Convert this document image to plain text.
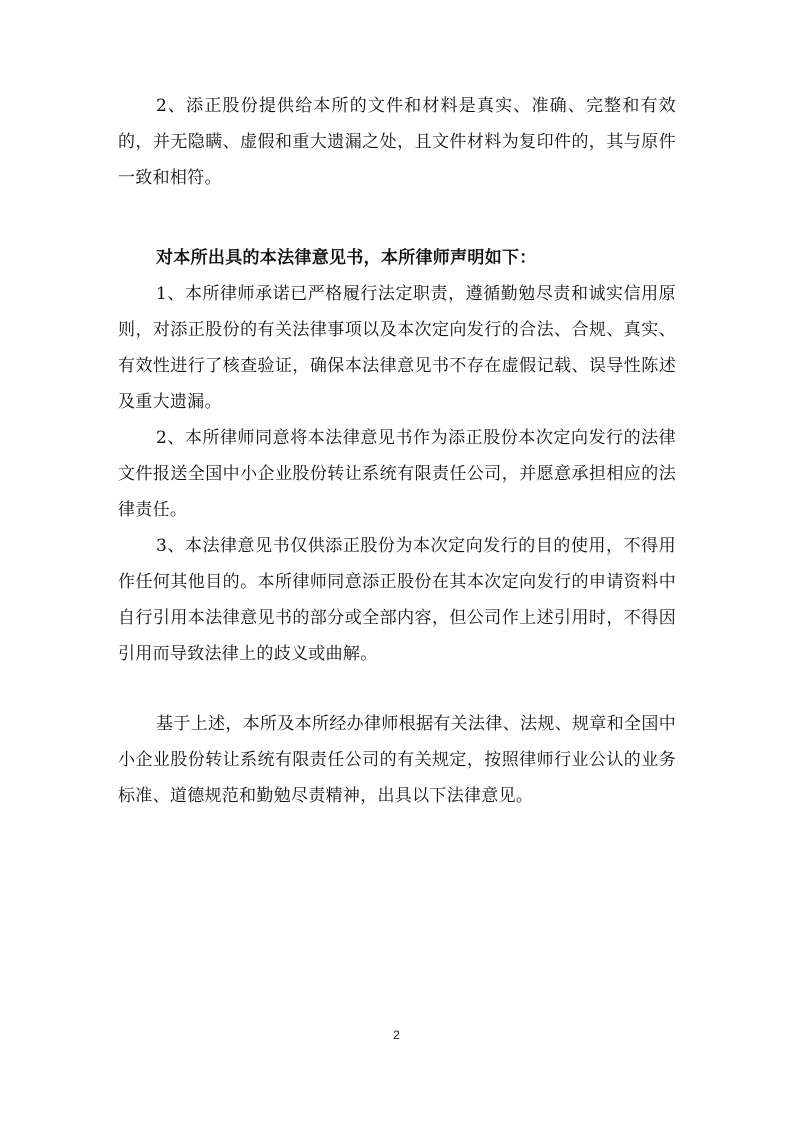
2、添正股份提供给本所的文件和材料是真实、准确、完整和有效的，并无隐瞒、虚假和重大遗漏之处，且文件材料为复印件的，其与原件一致和相符。

对本所出具的本法律意见书，本所律师声明如下：

1、本所律师承诺已严格履行法定职责，遵循勤勉尽责和诚实信用原则，对添正股份的有关法律事项以及本次定向发行的合法、合规、真实、有效性进行了核查验证，确保本法律意见书不存在虚假记载、误导性陈述及重大遗漏。

2、本所律师同意将本法律意见书作为添正股份本次定向发行的法律文件报送全国中小企业股份转让系统有限责任公司，并愿意承担相应的法律责任。

3、本法律意见书仅供添正股份为本次定向发行的目的使用，不得用作任何其他目的。本所律师同意添正股份在其本次定向发行的申请资料中自行引用本法律意见书的部分或全部内容，但公司作上述引用时，不得因引用而导致法律上的歧义或曲解。

基于上述，本所及本所经办律师根据有关法律、法规、规章和全国中小企业股份转让系统有限责任公司的有关规定，按照律师行业公认的业务标准、道德规范和勤勉尽责精神，出具以下法律意见。

2
